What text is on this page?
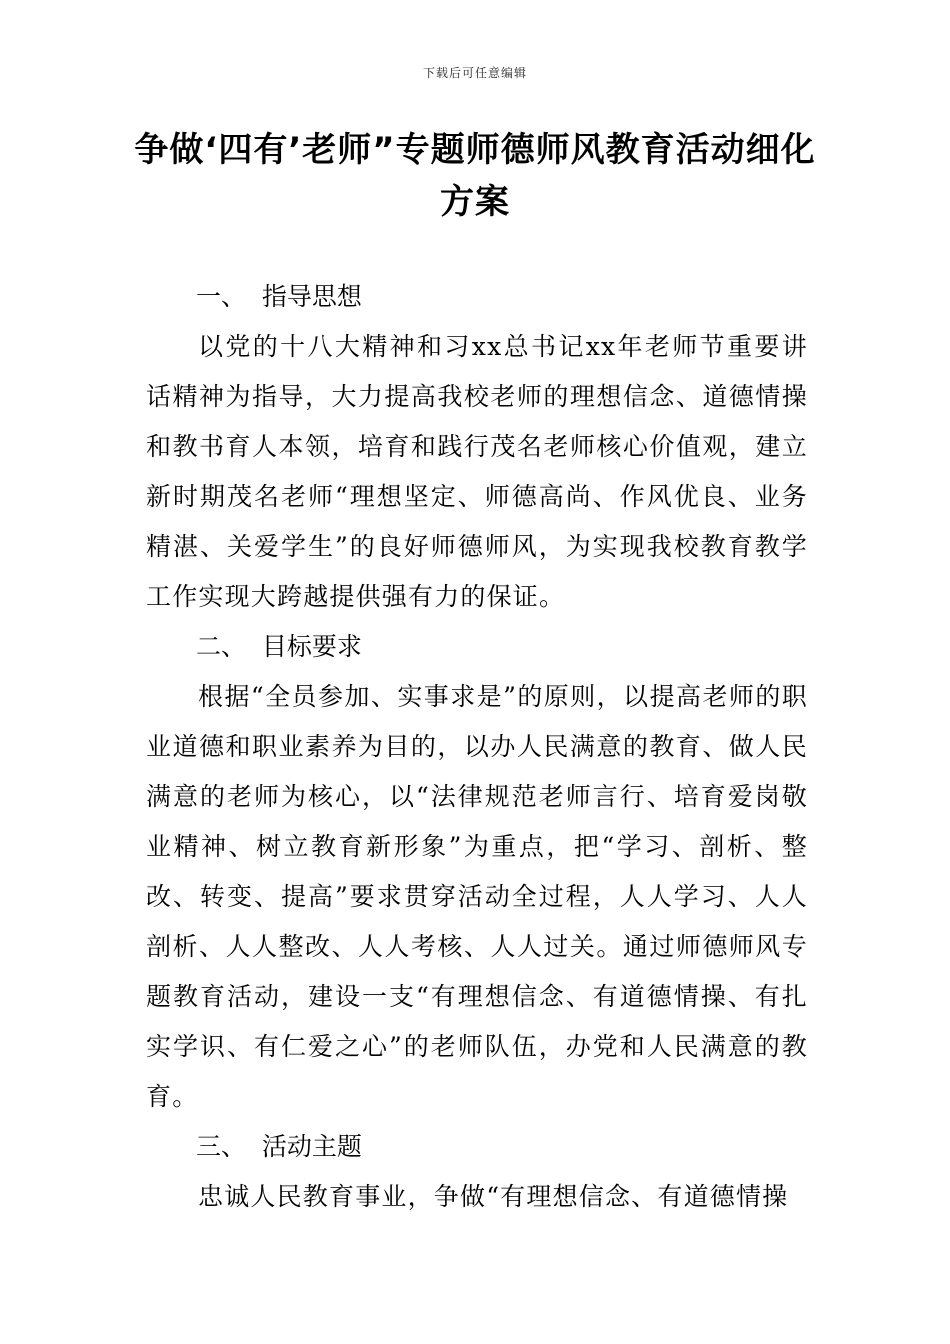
下载后可任意编辑
争做‘四有’老师”专题师德师风教育活动细化方案

一、  指导思想

以党的十八大精神和习xx总书记xx年老师节重要讲话精神为指导，大力提高我校老师的理想信念、道德情操和教书育人本领，培育和践行茂名老师核心价值观，建立新时期茂名老师“理想坚定、师德高尚、作风优良、业务精湛、关爱学生”的良好师德师风，为实现我校教育教学工作实现大跨越提供强有力的保证。

二、  目标要求

根据“全员参加、实事求是”的原则，以提高老师的职业道德和职业素养为目的，以办人民满意的教育、做人民满意的老师为核心，以“法律规范老师言行、培育爱岗敬业精神、树立教育新形象”为重点，把“学习、剖析、整改、转变、提高”要求贯穿活动全过程，人人学习、人人剖析、人人整改、人人考核、人人过关。通过师德师风专题教育活动，建设一支“有理想信念、有道德情操、有扎实学识、有仁爱之心”的老师队伍，办党和人民满意的教育。

三、  活动主题

忠诚人民教育事业，争做“有理想信念、有道德情操
